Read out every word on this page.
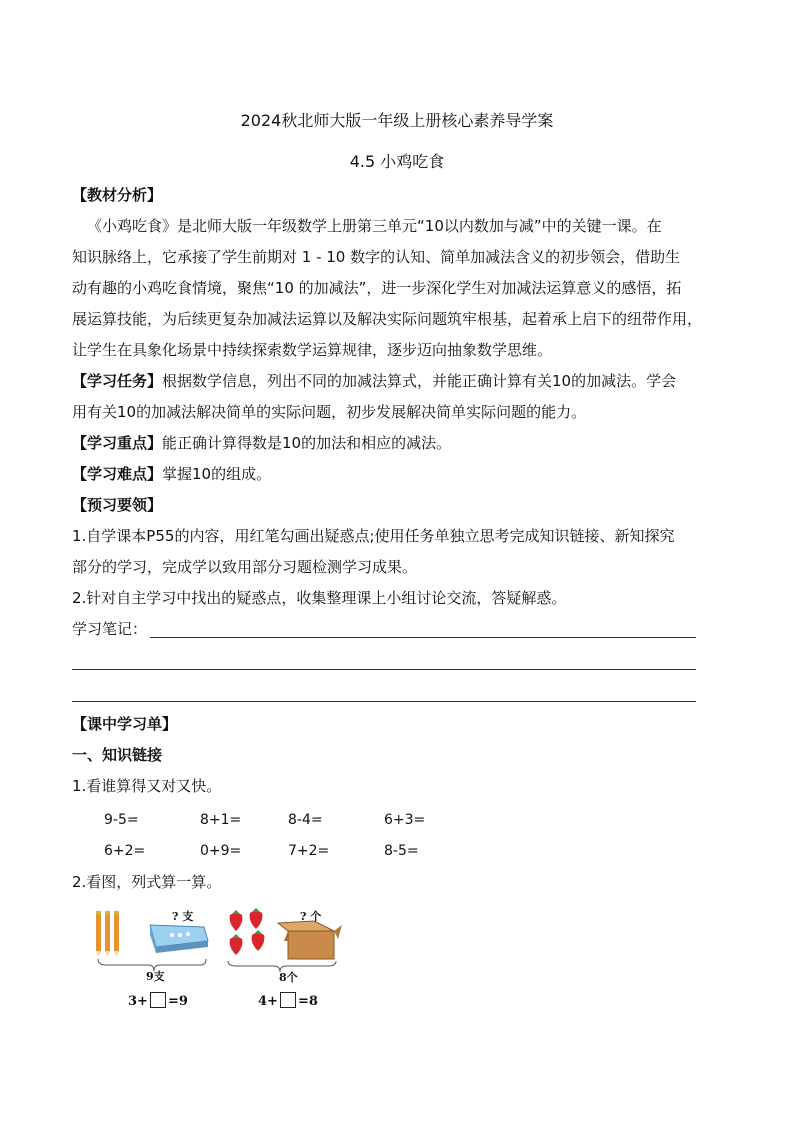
2024秋北师大版一年级上册核心素养导学案
4.5 小鸡吃食
【教材分析】
《小鸡吃食》是北师大版一年级数学上册第三单元“10以内数加与减”中的关键一课。在
知识脉络上，它承接了学生前期对 1 - 10 数字的认知、简单加减法含义的初步领会，借助生
动有趣的小鸡吃食情境，聚焦“10 的加减法”，进一步深化学生对加减法运算意义的感悟，拓
展运算技能，为后续更复杂加减法运算以及解决实际问题筑牢根基，起着承上启下的纽带作用，
让学生在具象化场景中持续探索数学运算规律，逐步迈向抽象数学思维。
【学习任务】根据数学信息，列出不同的加减法算式，并能正确计算有关10的加减法。学会
用有关10的加减法解决简单的实际问题，初步发展解决简单实际问题的能力。
【学习重点】能正确计算得数是10的加法和相应的减法。
【学习难点】掌握10的组成。
【预习要领】
1.自学课本P55的内容，用红笔勾画出疑惑点;使用任务单独立思考完成知识链接、新知探究
部分的学习，完成学以致用部分习题检测学习成果。
2.针对自主学习中找出的疑惑点，收集整理课上小组讨论交流，答疑解惑。
学习笔记：
【课中学习单】
一、知识链接
1.看谁算得又对又快。
9-5=	8+1=	8-4=	6+3=
6+2=	0+9=	7+2=	8-5=
2.看图，列式算一算。
? 支
9支
3+ =9
? 个
8个
4+ =8
